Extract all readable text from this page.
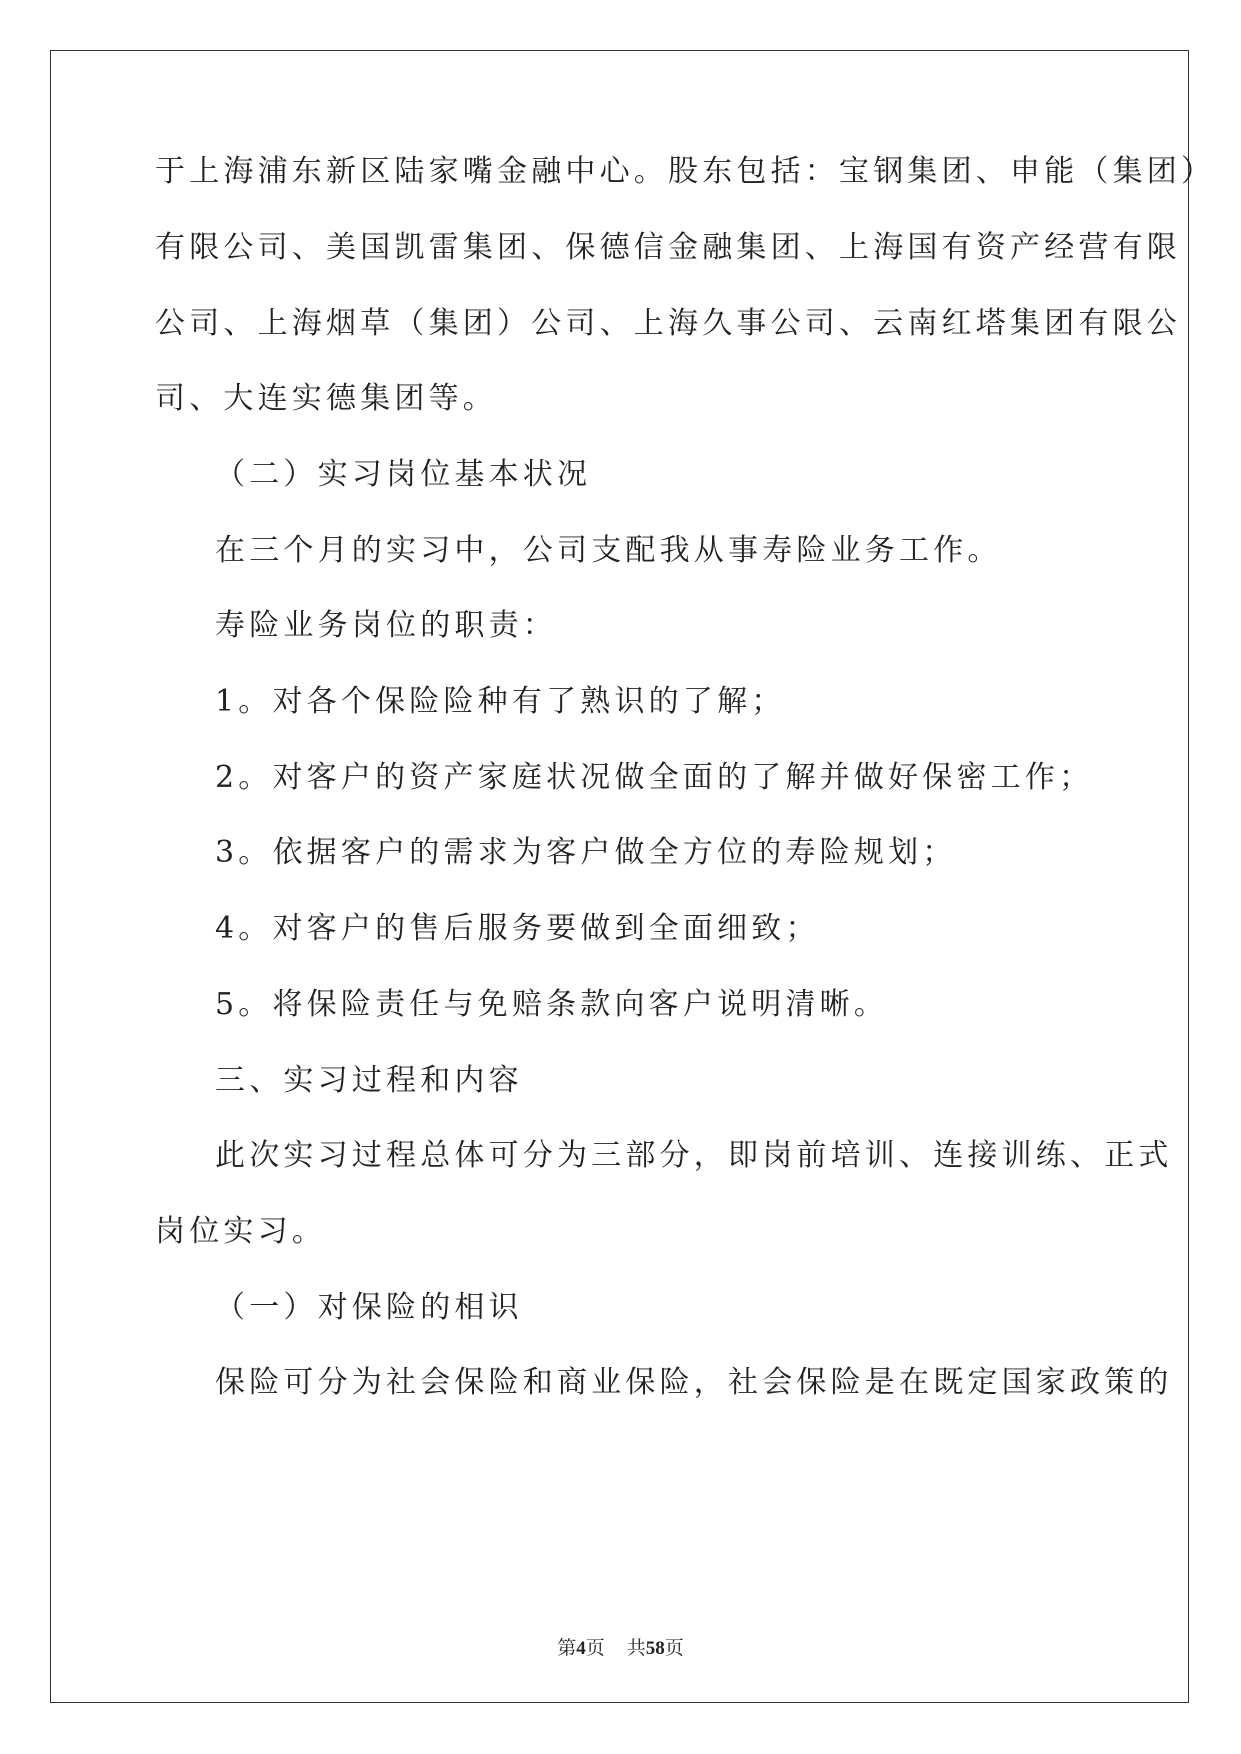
于上海浦东新区陆家嘴金融中心。股东包括：宝钢集团、申能（集团）
有限公司、美国凯雷集团、保德信金融集团、上海国有资产经营有限
公司、上海烟草（集团）公司、上海久事公司、云南红塔集团有限公
司、大连实德集团等。
（二）实习岗位基本状况
在三个月的实习中，公司支配我从事寿险业务工作。
寿险业务岗位的职责：
1。对各个保险险种有了熟识的了解；
2。对客户的资产家庭状况做全面的了解并做好保密工作；
3。依据客户的需求为客户做全方位的寿险规划；
4。对客户的售后服务要做到全面细致；
5。将保险责任与免赔条款向客户说明清晰。
三、实习过程和内容
此次实习过程总体可分为三部分，即岗前培训、连接训练、正式
岗位实习。
（一）对保险的相识
保险可分为社会保险和商业保险，社会保险是在既定国家政策的
第4页 共58页
